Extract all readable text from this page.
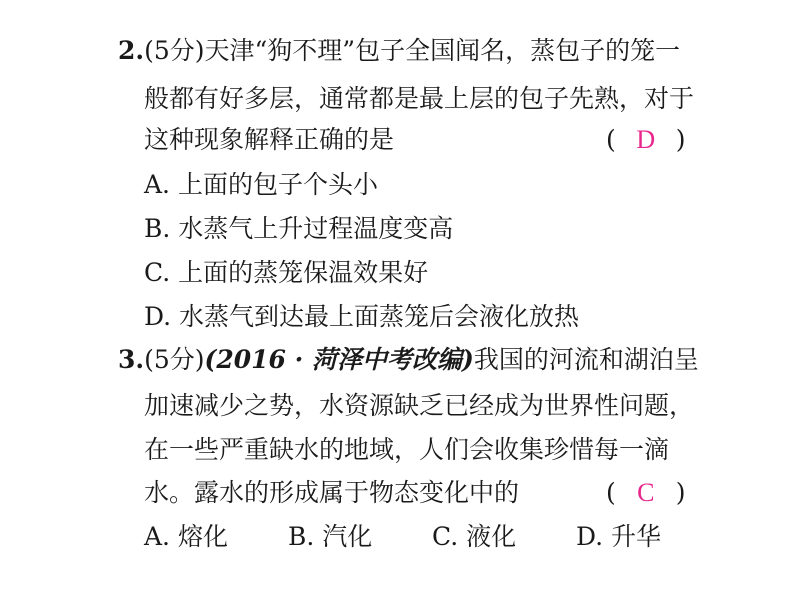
2.(5分)天津“狗不理”包子全国闻名，蒸包子的笼一
般都有好多层，通常都是最上层的包子先熟，对于
这种现象解释正确的是	( D )
A. 上面的包子个头小
B. 水蒸气上升过程温度变高
C. 上面的蒸笼保温效果好
D. 水蒸气到达最上面蒸笼后会液化放热
3.(5分)(2016 · 菏泽中考改编)我国的河流和湖泊呈
加速减少之势，水资源缺乏已经成为世界性问题，
在一些严重缺水的地域，人们会收集珍惜每一滴
水。露水的形成属于物态变化中的	( C )
A. 熔化 B. 汽化 C. 液化 D. 升华
